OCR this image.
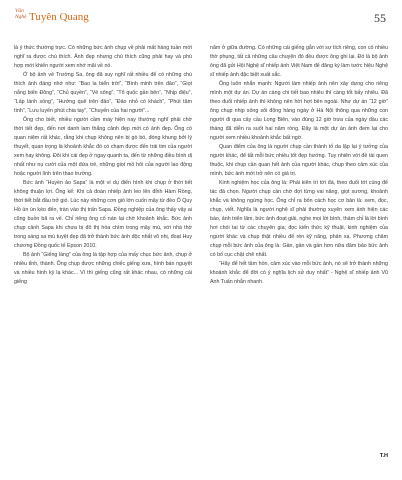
Văn
Nghệ Tuyên Quang	55

là ý thức thường trực. Có những bức ảnh chụp về phải mất hàng tuần mới nghĩ ra được chú thích. Ảnh đẹp nhưng chú thích cũng phải hay và phù hợp mới khiến người xem nhớ mãi về nó.

Ở bộ ảnh về Trường Sa, ông đã suy nghĩ rất nhiều để có những chú thích ảnh đáng nhớ như: “Bao la biển trời”, “Bình minh trên đảo”, “Giọt nắng biển Đông”, “Chủ quyền”, “Vẻ sông”, “Tổ quốc gần bên”, “Nhịp điệu”, “Lấp lánh sóng”, “Hướng quê trên đảo”, “Đảo nhỏ có khách”, “Phút tâm tình”, “Lưu luyến phút chia tay”, “Chuyến của hai người”...

Ông cho biết, nhiều người cầm máy hiện nay thường nghĩ phải chờ thời tiết đẹp, đến nơi danh lam thắng cảnh đẹp mới có ảnh đẹp. Ông có quan niệm rất khác, rằng khi chụp không nên bị gò bó, đóng khung bởi lý thuyết, quan trọng là khoảnh khắc đó có chạm được đến trái tim của người xem hay không. Đôi khi cái đẹp ở ngay quanh ta, đến từ những điều bình dị nhất như nụ cười của một đứa trẻ, những giọt mồ hôi của người lao động hoặc người lính trên thao trường.

Bức ảnh “Huyền ảo Sapa” là một ví dụ điển hình khi chụp ở thời tiết không thuận lợi. Ông kể: Khi cả đoàn nhiếp ảnh leo lên đỉnh Hàm Rồng, thời tiết bắt đầu trở gió. Lúc này những cơn gió lớn cuốn mây từ đèo Ô Quy Hồ ùn ùn kéo đến, tràn vào thị trấn Sapa. Đồng nghiệp của ông thấy vậy ai cũng buồn bã ra về. Chỉ riêng ông cố nán lại chờ khoảnh khắc. Bức ảnh chụp cảnh Sapa khi chưa bị đô thị hóa chìm trong mây mù, với nhà thờ trong sáng sa mù tuyệt đẹp đã trở thành bức ảnh độc nhất vô nhị, đoạt Huy chương Đồng quốc tế Epson 2010.

Bộ ảnh “Giếng làng” của ông là tập hợp của mấy chục bức ảnh, chụp ở nhiều tỉnh, thành. Ông chụp được những chiếc giếng xưa, hình bán nguyệt và nhiều hình kỳ lạ khác... Vì thì giếng cũng rất khác nhau, có những cái giếng

năm ở giữa đường. Có những cái giếng gắn với sự tích riêng, con có nhiều thờ phụng, tất cả những câu chuyện đó đều được ông ghi lại. Đó là bộ ảnh ông đã gửi Hội Nghệ sĩ nhiếp ảnh Việt Nam để đăng ký làm tước hiệu Nghệ sĩ nhiếp ảnh đặc biệt xuất sắc.

Ông luôn nhắn mạnh: Người làm nhiếp ảnh nên xây dựng cho riêng mình một dự án. Dự án càng chi tiết bao nhiêu thì càng tốt bấy nhiêu. Đã theo đuổi nhiếp ảnh thì không nên hời hợt bên ngoài. Như dự án “12 giờ” ông chụp nhịp sống sôi động hàng ngày ở Hà Nội thông qua những con người đi qua cây cầu Long Biên, vào đúng 12 giờ trưa của ngày đầu các tháng đã diễn ra suốt hai năm ròng. Đây là một dự án ảnh đem lại cho người xem nhiều khoảnh khắc bất ngờ.

Quan điểm của ông là người chụp cần thành tố da lập lại ý tưởng của người khác, để tất mỗi bức nhiều tốt đẹp hướng. Tuy nhiên với đề tài quen thuộc, khi chụp cần quan hết ảnh của người khác, chụp theo cảm xúc của mình, bức ảnh mới trở nên có giá trị.

Kinh nghiệm học của ông là: Phải kiên trì tới đá, theo đuổi tới cùng để tác đã chọn. Người chụp cần chờ đợi từng vai năng, giọt sương, khoảnh khắc và không ngừng học. Ông chỉ ra bốn cách học cơ bản là: xem, đọc, chụp, viết. Nghĩa là người nghệ sĩ phải thường xuyên xem ảnh hiện các báo, ảnh triển lãm, bức ảnh đoạt giải, nghe mọi lời bình, thảm chỉ là lời bình hơi chói tai từ các chuyên gia; đọc kiến thức kỹ thuật, kinh nghiệm của người khác và chụp thật nhiều để rèn kỹ năng, phản xạ. Phương châm chụp mỗi bức ảnh của ông là: Gần, gần và gần hơn nữa đảm bảo bức ảnh có bố cục chặt chẽ nhất.

“Hãy để hết tâm hồn, cảm xúc vào mỗi bức ảnh, nó sẽ trở thành những khoảnh khắc để đời có ý nghĩa lịch sử duy nhất” - Nghệ sĩ nhiếp ảnh Vũ Anh Tuấn nhắn nhanh.

T.H
